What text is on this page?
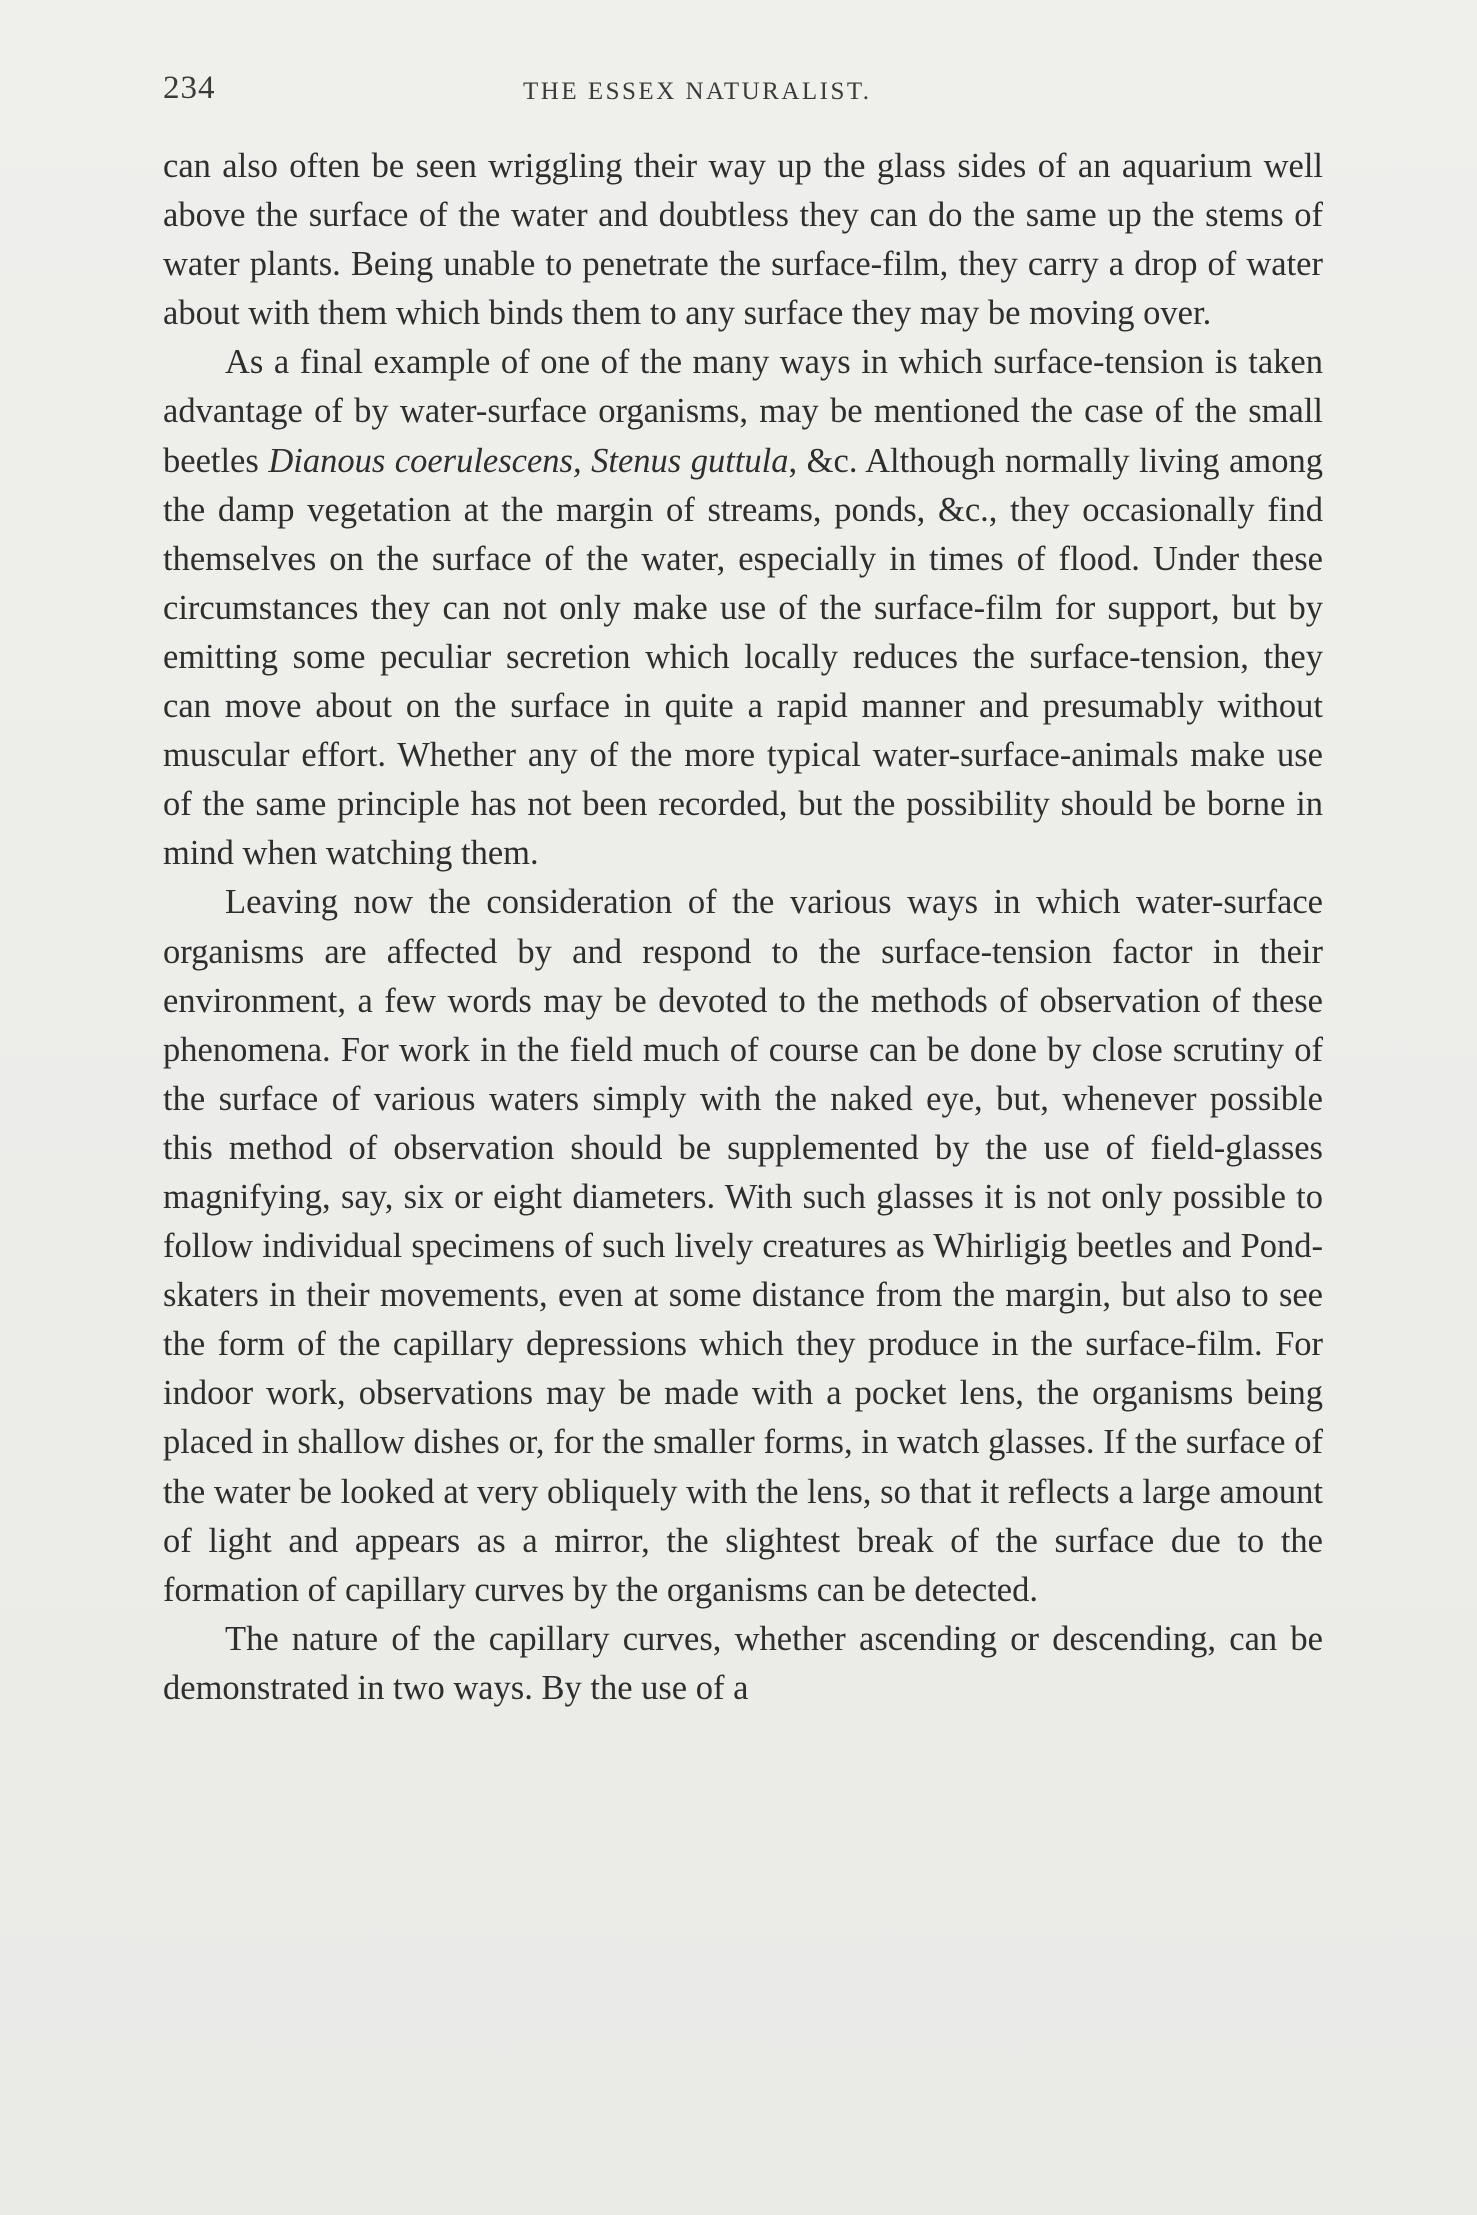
234	THE ESSEX NATURALIST.

can also often be seen wriggling their way up the glass sides of an aquarium well above the surface of the water and doubtless they can do the same up the stems of water plants. Being unable to penetrate the surface-film, they carry a drop of water about with them which binds them to any surface they may be moving over.

As a final example of one of the many ways in which surface-tension is taken advantage of by water-surface organisms, may be mentioned the case of the small beetles Dianous coerulescens, Stenus guttula, &c. Although normally living among the damp vegetation at the margin of streams, ponds, &c., they occasionally find themselves on the surface of the water, especially in times of flood. Under these circumstances they can not only make use of the surface-film for support, but by emitting some peculiar secretion which locally reduces the surface-tension, they can move about on the surface in quite a rapid manner and presumably without muscular effort. Whether any of the more typical water-surface-animals make use of the same principle has not been recorded, but the possibility should be borne in mind when watching them.

Leaving now the consideration of the various ways in which water-surface organisms are affected by and respond to the surface-tension factor in their environment, a few words may be devoted to the methods of observation of these phenomena. For work in the field much of course can be done by close scrutiny of the surface of various waters simply with the naked eye, but, whenever possible this method of observation should be supplemented by the use of field-glasses magnifying, say, six or eight diameters. With such glasses it is not only possible to follow individual specimens of such lively creatures as Whirligig beetles and Pond-skaters in their movements, even at some distance from the margin, but also to see the form of the capillary depressions which they produce in the surface-film. For indoor work, observations may be made with a pocket lens, the organisms being placed in shallow dishes or, for the smaller forms, in watch glasses. If the surface of the water be looked at very obliquely with the lens, so that it reflects a large amount of light and appears as a mirror, the slightest break of the surface due to the formation of capillary curves by the organisms can be detected.

The nature of the capillary curves, whether ascending or descending, can be demonstrated in two ways. By the use of a
